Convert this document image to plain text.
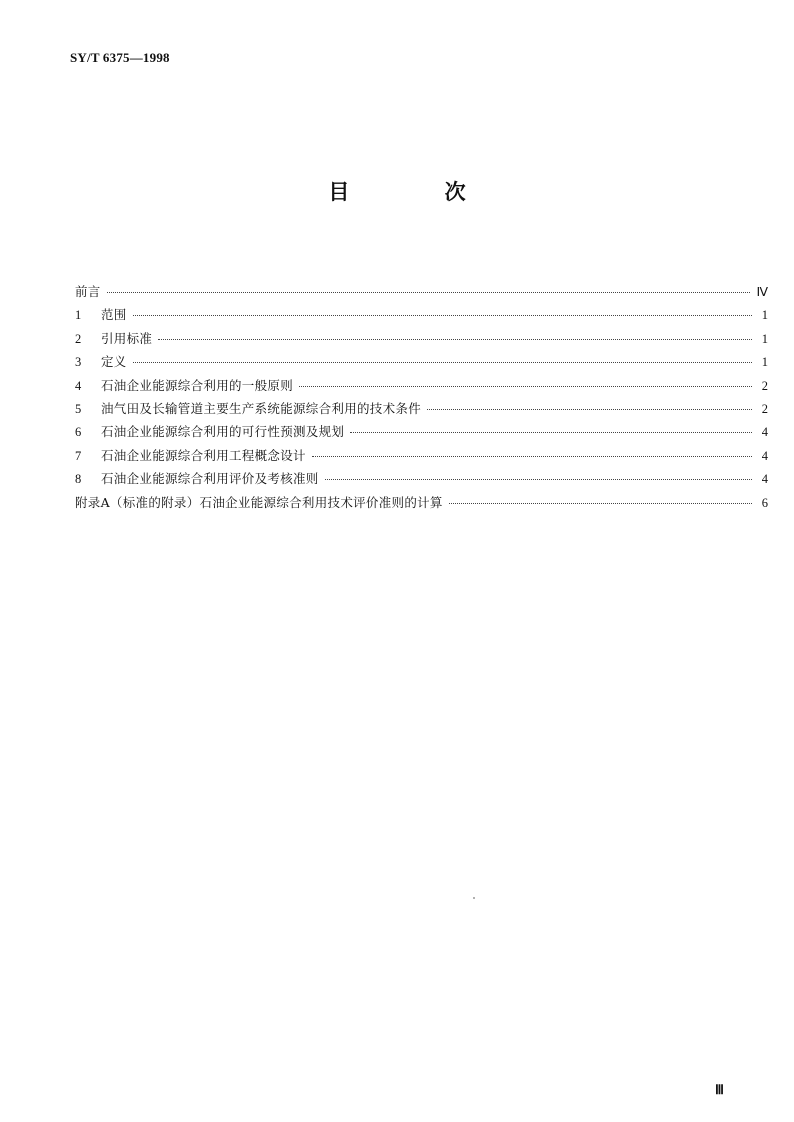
SY/T 6375—1998
目 次
前言	Ⅳ
1	范围	1
2	引用标准	1
3	定义	1
4	石油企业能源综合利用的一般原则	2
5	油气田及长输管道主要生产系统能源综合利用的技术条件	2
6	石油企业能源综合利用的可行性预测及规划	4
7	石油企业能源综合利用工程概念设计	4
8	石油企业能源综合利用评价及考核准则	4
附录A（标准的附录）石油企业能源综合利用技术评价准则的计算	6
Ⅲ
